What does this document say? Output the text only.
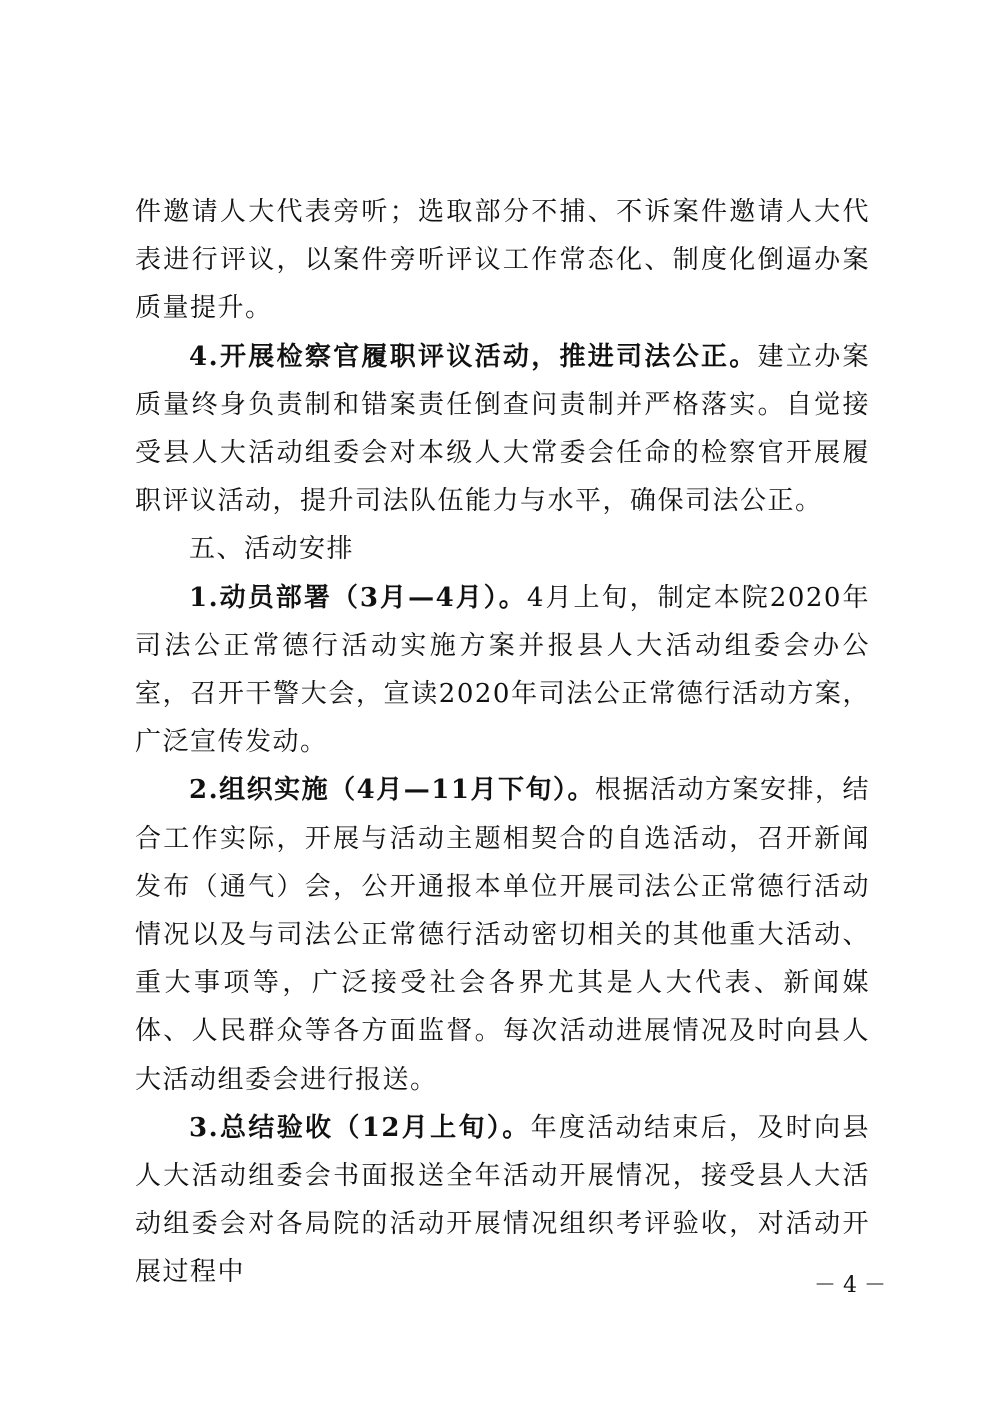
件邀请人大代表旁听；选取部分不捕、不诉案件邀请人大代表进行评议，以案件旁听评议工作常态化、制度化倒逼办案质量提升。

4.开展检察官履职评议活动，推进司法公正。建立办案质量终身负责制和错案责任倒查问责制并严格落实。自觉接受县人大活动组委会对本级人大常委会任命的检察官开展履职评议活动，提升司法队伍能力与水平，确保司法公正。

五、活动安排

1.动员部署（3月—4月）。4月上旬，制定本院2020年司法公正常德行活动实施方案并报县人大活动组委会办公室，召开干警大会，宣读2020年司法公正常德行活动方案，广泛宣传发动。

2.组织实施（4月—11月下旬）。根据活动方案安排，结合工作实际，开展与活动主题相契合的自选活动，召开新闻发布（通气）会，公开通报本单位开展司法公正常德行活动情况以及与司法公正常德行活动密切相关的其他重大活动、重大事项等，广泛接受社会各界尤其是人大代表、新闻媒体、人民群众等各方面监督。每次活动进展情况及时向县人大活动组委会进行报送。

3.总结验收（12月上旬）。年度活动结束后，及时向县人大活动组委会书面报送全年活动开展情况，接受县人大活动组委会对各局院的活动开展情况组织考评验收，对活动开展过程中	－ 4 －
